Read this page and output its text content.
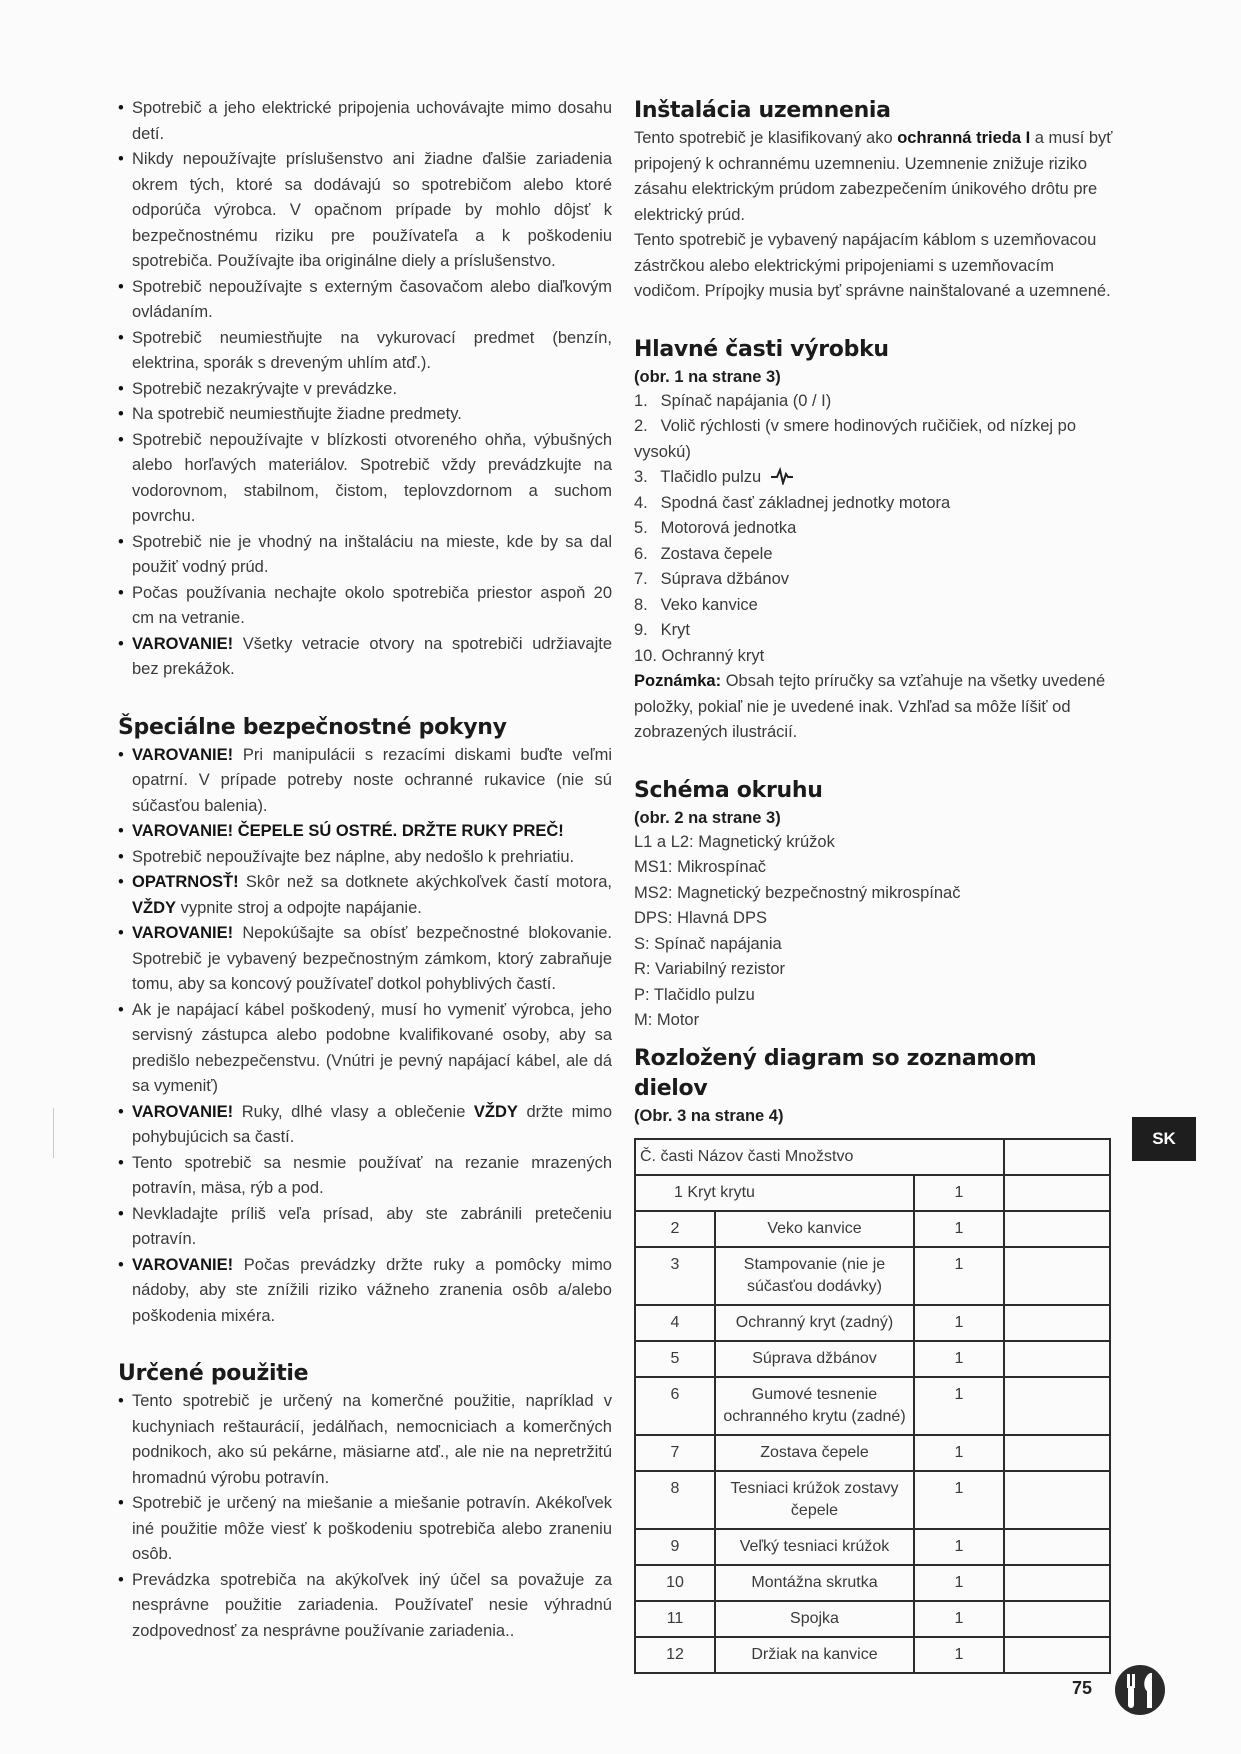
• Spotrebič a jeho elektrické pripojenia uchovávajte mimo dosahu detí.

• Nikdy nepoužívajte príslušenstvo ani žiadne ďalšie zariadenia okrem tých, ktoré sa dodávajú so spotrebičom alebo ktoré odporúča výrobca. V opačnom prípade by mohlo dôjsť k bezpečnostnému riziku pre používateľa a k poškodeniu spotrebiča. Používajte iba originálne diely a príslušenstvo.

• Spotrebič nepoužívajte s externým časovačom alebo diaľkovým ovládaním.

• Spotrebič neumiestňujte na vykurovací predmet (benzín, elektrina, sporák s dreveným uhlím atď.).

• Spotrebič nezakrývajte v prevádzke.

• Na spotrebič neumiestňujte žiadne predmety.

• Spotrebič nepoužívajte v blízkosti otvoreného ohňa, výbušných alebo horľavých materiálov. Spotrebič vždy prevádzkujte na vodorovnom, stabilnom, čistom, teplovzdornom a suchom povrchu.

• Spotrebič nie je vhodný na inštaláciu na mieste, kde by sa dal použiť vodný prúd.

• Počas používania nechajte okolo spotrebiča priestor aspoň 20 cm na vetranie.

• VAROVANIE! Všetky vetracie otvory na spotrebiči udržiavajte bez prekážok.

Špeciálne bezpečnostné pokyny

• VAROVANIE! Pri manipulácii s rezacími diskami buďte veľmi opatrní. V prípade potreby noste ochranné rukavice (nie sú súčasťou balenia).

• VAROVANIE! ČEPELE SÚ OSTRÉ. DRŽTE RUKY PREČ!

• Spotrebič nepoužívajte bez náplne, aby nedošlo k prehriatiu.

• OPATRNOSŤ! Skôr než sa dotknete akýchkoľvek častí motora, VŽDY vypnite stroj a odpojte napájanie.

• VAROVANIE! Nepokúšajte sa obísť bezpečnostné blokovanie. Spotrebič je vybavený bezpečnostným zámkom, ktorý zabraňuje tomu, aby sa koncový používateľ dotkol pohyblivých častí.

• Ak je napájací kábel poškodený, musí ho vymeniť výrobca, jeho servisný zástupca alebo podobne kvalifikované osoby, aby sa predišlo nebezpečenstvu. (Vnútri je pevný napájací kábel, ale dá sa vymeniť)

• VAROVANIE! Ruky, dlhé vlasy a oblečenie VŽDY držte mimo pohybujúcich sa častí.

• Tento spotrebič sa nesmie používať na rezanie mrazených potravín, mäsa, rýb a pod.

• Nevkladajte príliš veľa prísad, aby ste zabránili pretečeniu potravín.

• VAROVANIE! Počas prevádzky držte ruky a pomôcky mimo nádoby, aby ste znížili riziko vážneho zranenia osôb a/alebo poškodenia mixéra.

Určené použitie

• Tento spotrebič je určený na komerčné použitie, napríklad v kuchyniach reštaurácií, jedálňach, nemocniciach a komerčných podnikoch, ako sú pekárne, mäsiarne atď., ale nie na nepretržitú hromadnú výrobu potravín.

• Spotrebič je určený na miešanie a miešanie potravín. Akékoľvek iné použitie môže viesť k poškodeniu spotrebiča alebo zraneniu osôb.

• Prevádzka spotrebiča na akýkoľvek iný účel sa považuje za nesprávne použitie zariadenia. Používateľ nesie výhradnú zodpovednosť za nesprávne používanie zariadenia..

Inštalácia uzemnenia

Tento spotrebič je klasifikovaný ako ochranná trieda I a musí byť pripojený k ochrannému uzemneniu. Uzemnenie znižuje riziko zásahu elektrickým prúdom zabezpečením únikového drôtu pre elektrický prúd.

Tento spotrebič je vybavený napájacím káblom s uzemňovacou zástrčkou alebo elektrickými pripojeniami s uzemňovacím vodičom. Prípojky musia byť správne nainštalované a uzemnené.

Hlavné časti výrobku
(obr. 1 na strane 3)
1. Spínač napájania (0 / I)
2. Volič rýchlosti (v smere hodinových ručičiek, od nízkej po vysokú)
3. Tlačidlo pulzu
4. Spodná časť základnej jednotky motora
5. Motorová jednotka
6. Zostava čepele
7. Súprava džbánov
8. Veko kanvice
9. Kryt
10. Ochranný kryt

Poznámka: Obsah tejto príručky sa vzťahuje na všetky uvedené položky, pokiaľ nie je uvedené inak. Vzhľad sa môže líšiť od zobrazených ilustrácií.

Schéma okruhu
(obr. 2 na strane 3)

L1 a L2: Magnetický krúžok

MS1: Mikrospínač

MS2: Magnetický bezpečnostný mikrospínač

DPS: Hlavná DPS

S: Spínač napájania

R: Variabilný rezistor

P: Tlačidlo pulzu

M: Motor

Rozložený diagram so zoznamom dielov
(Obr. 3 na strane 4)
Č. časti Názov časti Množstvo			
1 Kryt krytu		1	
2	Veko kanvice	1	
3	Stampovanie (nie je súčasťou dodávky)	1	
4	Ochranný kryt (zadný)	1	
5	Súprava džbánov	1	
6	Gumové tesnenie ochranného krytu (zadné)	1	
7	Zostava čepele	1	
8	Tesniaci krúžok zostavy čepele	1	
9	Veľký tesniaci krúžok	1	
10	Montážna skrutka	1	
11	Spojka	1	
12	Držiak na kanvice	1	
SK
75
